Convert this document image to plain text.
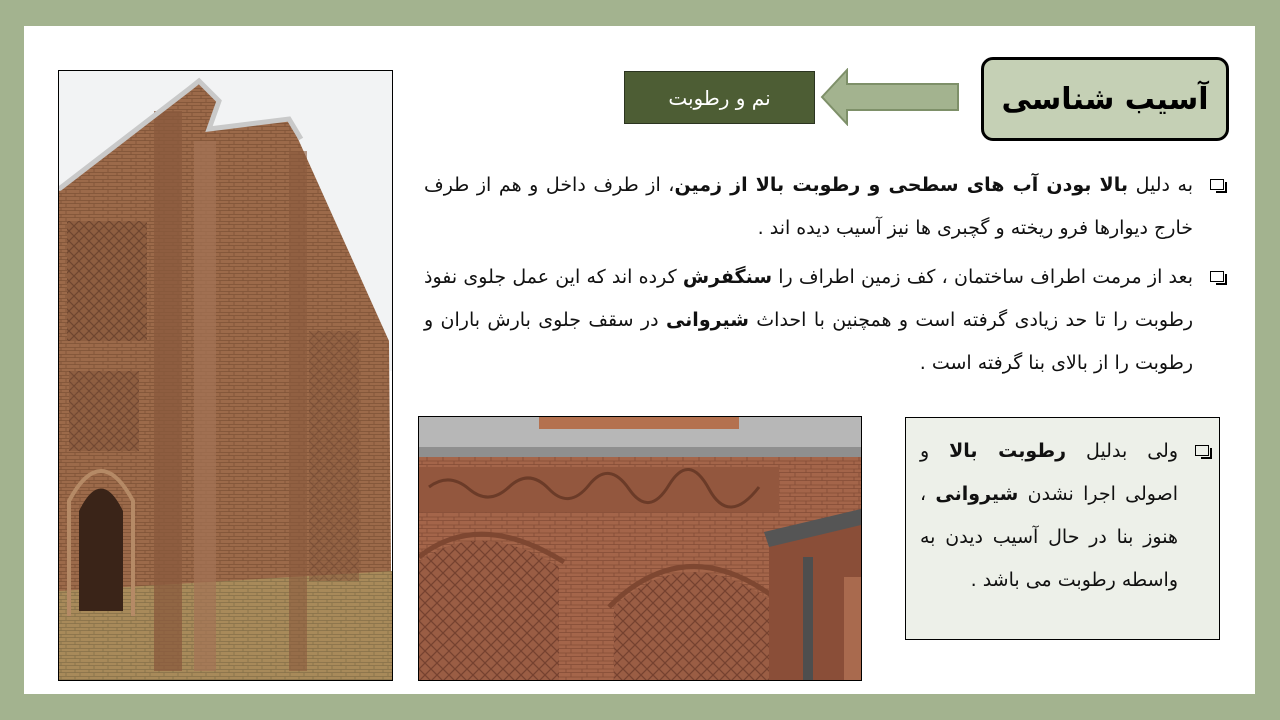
آسیب شناسی
نم و رطوبت
به دلیل بالا بودن آب های سطحی و رطوبت بالا از زمین، از طرف داخل و هم از طرف خارج دیوارها فرو ریخته و گچبری ها نیز آسیب دیده اند .
بعد از مرمت اطراف ساختمان ، کف زمین اطراف را سنگفرش کرده اند که این عمل جلوی نفوذ رطوبت را تا حد زیادی گرفته است و همچنین با احداث شیروانی در سقف جلوی بارش باران و رطوبت را از بالای بنا گرفته است .
ولی بدلیل رطوبت بالا و اصولی اجرا نشدن شیروانی ، هنوز بنا در حال آسیب دیدن به واسطه رطوبت می باشد .
